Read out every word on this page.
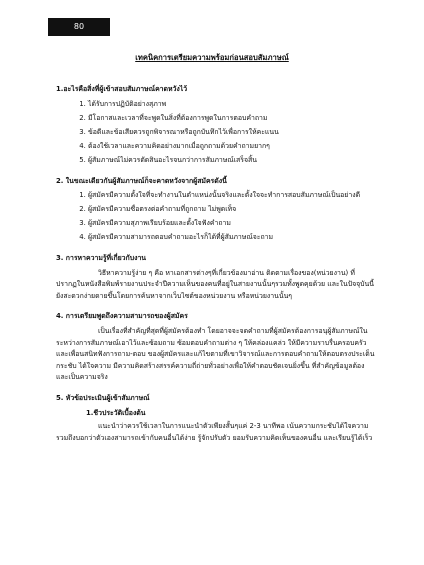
80
เทคนิคการเตรียมความพร้อมก่อนสอบสัมภาษณ์
1.อะไรคือสิ่งที่ผู้เข้าสอบสัมภาษณ์คาดหวังไว้
1. ได้รับการปฏิบัติอย่างสุภาพ
2. มีโอกาสและเวลาที่จะพูดในสิ่งที่ต้องการพูดในการตอบคำถาม
3. ข้อดีและข้อเสียควรถูกพิจารณาหรือถูกบันทึกไว้เพื่อการให้คะแนน
4. ต้องใช้เวลาและความคิดอย่างมากเมื่อถูกถามด้วยคำถามยากๆ
5. ผู้สัมภาษณ์ไม่ควรตัดสินอะไรจนกว่าการสัมภาษณ์เสร็จสิ้น
2. ในขณะเดียวกันผู้สัมภาษณ์ก็จะคาดหวังจากผู้สมัครดังนี้
1. ผู้สมัครมีความตั้งใจที่จะทำงานในตำแหน่งนั้นจริงและตั้งใจจะทำการสอบสัมภาษณ์เป็นอย่างดี
2. ผู้สมัครมีความซื่อตรงต่อคำถามที่ถูกถาม ไม่พูดเท็จ
3. ผู้สมัครมีความสุภาพเรียบร้อยและตั้งใจฟังคำถาม
4. ผู้สมัครมีความสามารถตอบคำถามอะไรก็ได้ที่ผู้สัมภาษณ์จะถาม
3. การหาความรู้ที่เกี่ยวกับงาน

วิธีหาความรู้ง่าย ๆ คือ หาเอกสารต่างๆที่เกี่ยวข้องมาอ่าน ติดตามเรื่องของ(หน่วยงาน) ที่ ปรากฏในหนังสือพิมพ์รายงานประจำปีความเห็นของคนที่อยู่ในสายงานนั้นๆรวมทั้งพูดคุยด้วย และในปัจจุบันนี้ยังสะดวกง่ายดายขึ้นโดยการค้นหาจากเว็บไซต์ของหน่วยงาน หรือหน่วยงานนั้นๆ

4. การเตรียมพูดถึงความสามารถของผู้สมัคร

เป็นเรื่องที่สำคัญที่สุดที่ผู้สมัครต้องทำ โดยอาจจะจดคำถามที่ผู้สมัครต้องการอนุผู้สัมภาษณ์ในระหว่างการสัมภาษณ์เอาไว้และซ้อมถาม ซ้อมตอบคำถามต่าง ๆ ให้คล่องแคล่ว ให้มีความราบรื่นครอบครัวและเพื่อนสนิทฟังการถาม-ตอบ ของผู้สมัครและแก้ไขตามที่เขาวิจารณ์และการตอบคำถามให้ตอบตรงประเด็น กระชับ ได้ใจความ มีความคิดสร้างสรรค์ความถี่ถ่ายทั่วอย่างเพื่อให้คำตอบชัดเจนยิ่งขึ้น ที่สำคัญข้อมูลต้องและเป็นความจริง

5. หัวข้อประเมินผู้เข้าสัมภาษณ์
1.ชีวประวัติเบื้องต้น

แนะนำว่าควรใช้เวลาในการแนะนำตัวเพียงสั้นๆแค่ 2-3 นาทีพอ เน้นความกระชับได้ใจความ รวมถึงบอกว่าตัวเองสามารถเข้ากับคนอื่นได้ง่าย รู้จักปรับตัว ยอมรับความคิดเห็นของคนอื่น และเรียนรู้ได้เร็ว
